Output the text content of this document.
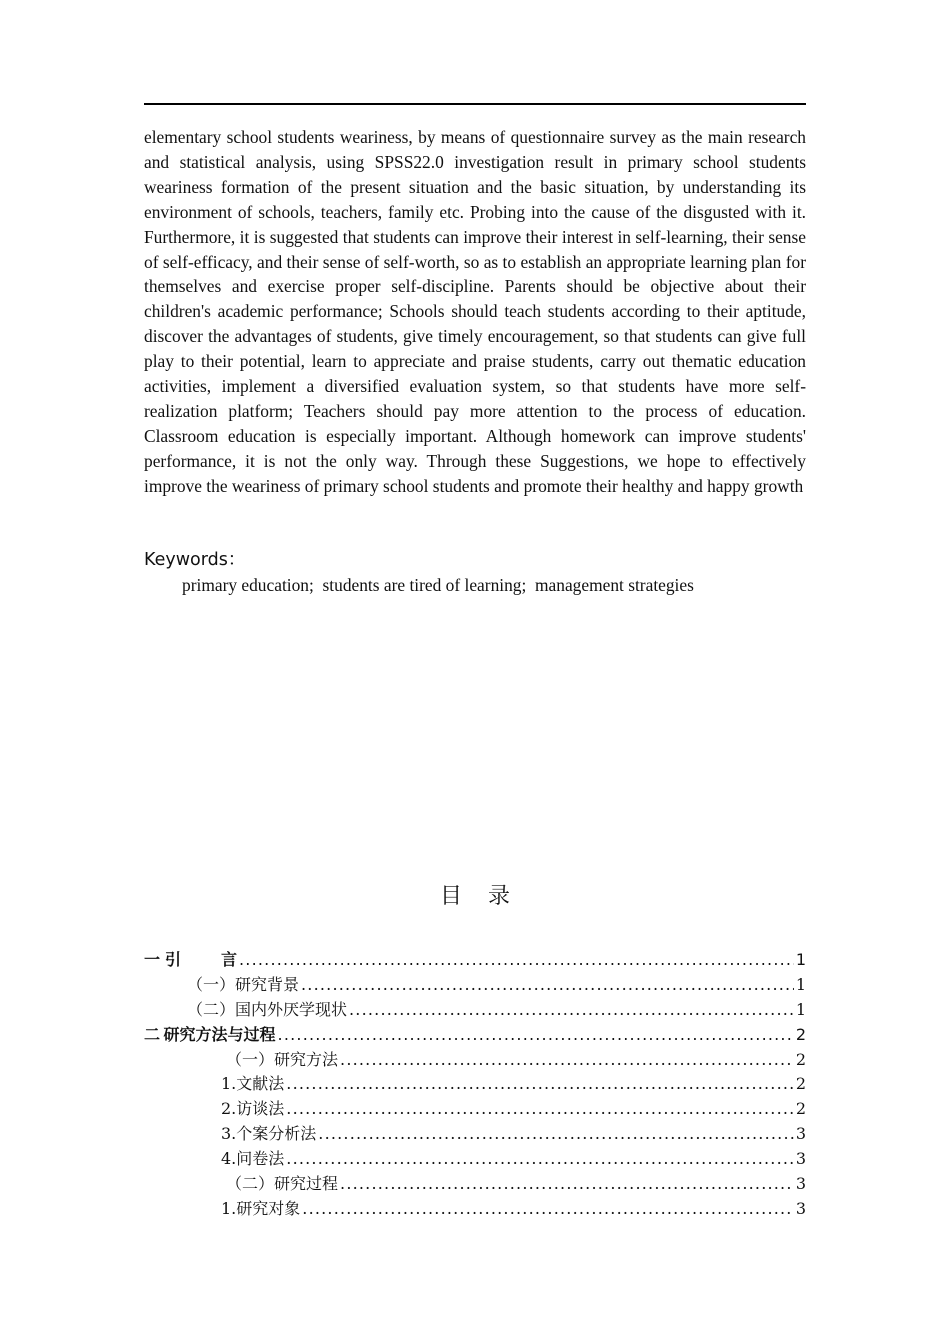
elementary school students weariness, by means of questionnaire survey as the main research and statistical analysis, using SPSS22.0 investigation result in primary school students weariness formation of the present situation and the basic situation, by understanding its environment of schools, teachers, family etc. Probing into the cause of the disgusted with it. Furthermore, it is suggested that students can improve their interest in self-learning, their sense of self-efficacy, and their sense of self-worth, so as to establish an appropriate learning plan for themselves and exercise proper self-discipline. Parents should be objective about their children's academic performance; Schools should teach students according to their aptitude, discover the advantages of students, give timely encouragement, so that students can give full play to their potential, learn to appreciate and praise students, carry out thematic education activities, implement a diversified evaluation system, so that students have more self-realization platform; Teachers should pay more attention to the process of education. Classroom education is especially important. Although homework can improve students' performance, it is not the only way. Through these Suggestions, we hope to effectively improve the weariness of primary school students and promote their healthy and happy growth

Keywords：
primary education;  students are tired of learning;  management strategies
目 录
一 引	言 .....	1
（一）研究背景 .....	1
（二）国内外厌学现状 .....	1
二 研究方法与过程 .....	2
（一） 研究方法 .....	2
1. 文献法 .....	2
2. 访谈法 .....	2
3. 个案分析法 .....	3
4. 问卷法 .....	3
（二） 研究过程 .....	3
1. 研究对象 .....	3
